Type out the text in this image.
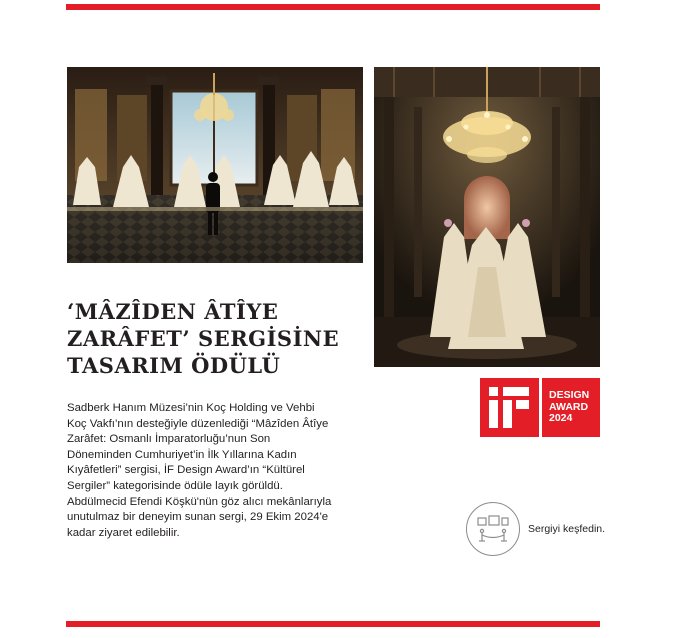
‘MÂZÎDEN ÂTÎYE
ZARÂFET’ SERGİSİNE
TASARIM ÖDÜLÜ

Sadberk Hanım Müzesi’nin Koç Holding ve Vehbi Koç Vakfı’nın desteğiyle düzenlediği “Mâzîden Âtîye Zarâfet: Osmanlı İmparatorluğu’nun Son Döneminden Cumhuriyet’in İlk Yıllarına Kadın Kıyâfetleri” sergisi, İF Design Award’ın “Kültürel Sergiler” kategorisinde ödüle layık görüldü. Abdülmecid Efendi Köşkü'nün göz alıcı mekânlarıyla unutulmaz bir deneyim sunan sergi, 29 Ekim 2024'e kadar ziyaret edilebilir.

DESIGN
AWARD
2024
Sergiyi keşfedin.
